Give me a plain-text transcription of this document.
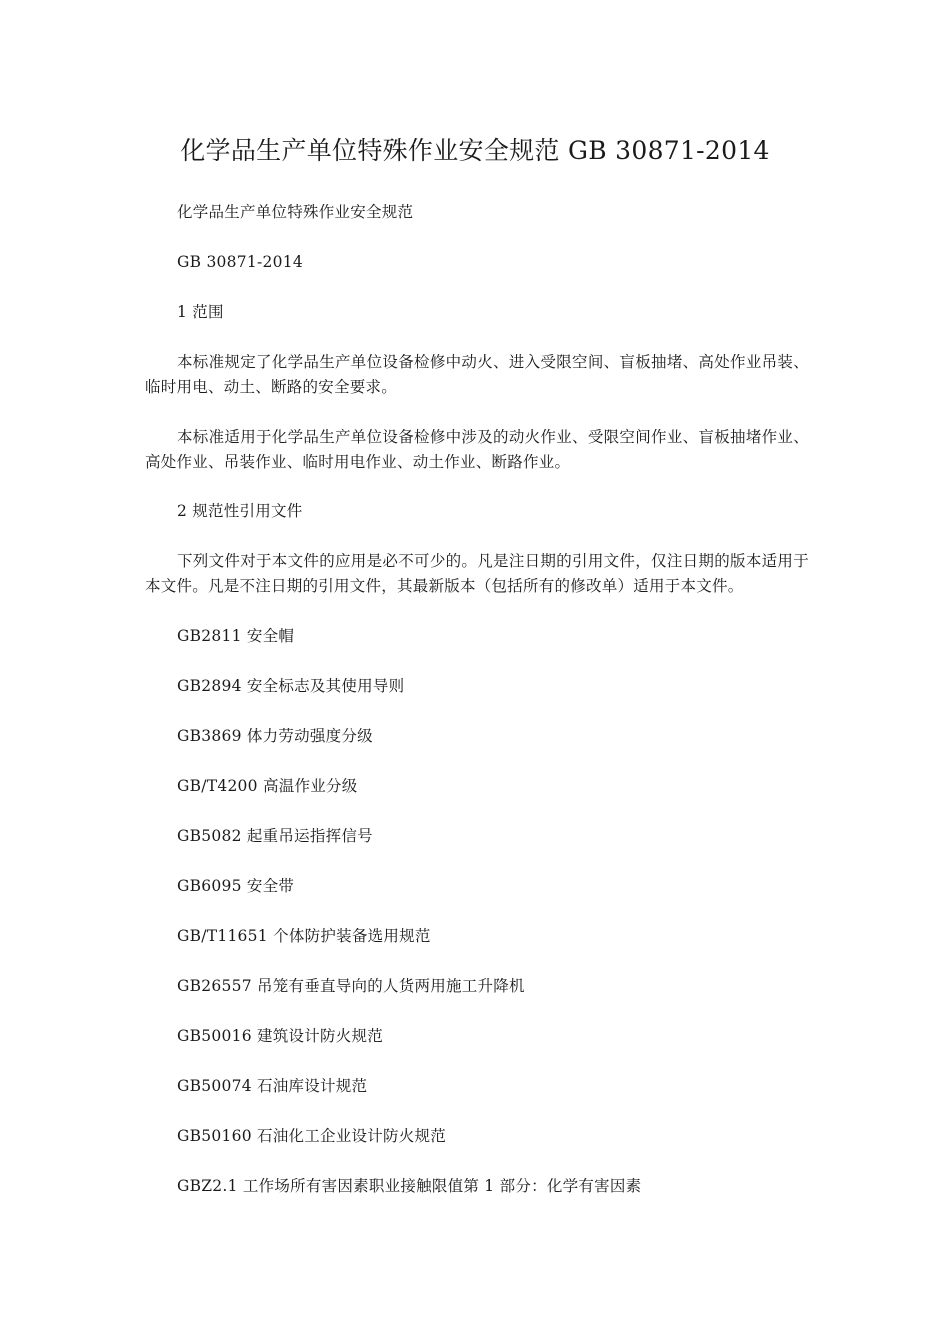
化学品生产单位特殊作业安全规范 GB 30871-2014

化学品生产单位特殊作业安全规范

GB 30871-2014

1 范围

本标准规定了化学品生产单位设备检修中动火、进入受限空间、盲板抽堵、高处作业吊装、临时用电、动土、断路的安全要求。

本标准适用于化学品生产单位设备检修中涉及的动火作业、受限空间作业、盲板抽堵作业、高处作业、吊装作业、临时用电作业、动土作业、断路作业。

2 规范性引用文件

下列文件对于本文件的应用是必不可少的。凡是注日期的引用文件，仅注日期的版本适用于本文件。凡是不注日期的引用文件，其最新版本（包括所有的修改单）适用于本文件。

GB2811 安全帽

GB2894 安全标志及其使用导则

GB3869 体力劳动强度分级

GB/T4200 高温作业分级

GB5082 起重吊运指挥信号

GB6095 安全带

GB/T11651 个体防护装备选用规范

GB26557 吊笼有垂直导向的人货两用施工升降机

GB50016 建筑设计防火规范

GB50074 石油库设计规范

GB50160 石油化工企业设计防火规范

GBZ2.1 工作场所有害因素职业接触限值第 1 部分：化学有害因素
